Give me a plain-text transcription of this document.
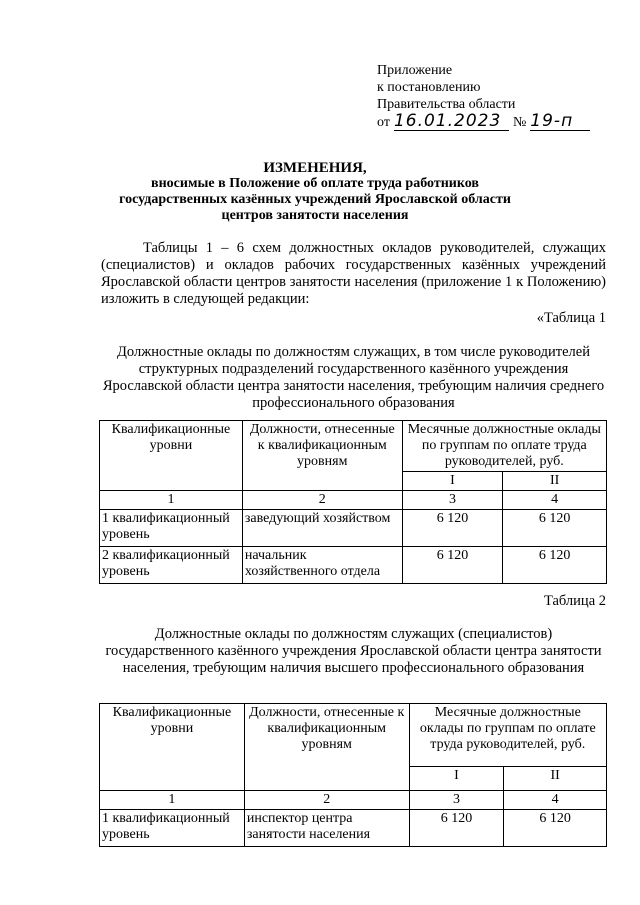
Приложение
к постановлению
Правительства области
от 16.01.2023 № 19-п
ИЗМЕНЕНИЯ,
вносимые в Положение об оплате труда работников
государственных казённых учреждений Ярославской области
центров занятости населения
Таблицы 1 – 6 схем должностных окладов руководителей, служащих (специалистов) и окладов рабочих государственных казённых учреждений Ярославской области центров занятости населения (приложение 1 к Положению) изложить в следующей редакции:
«Таблица 1
Должностные оклады по должностям служащих, в том числе руководителей структурных подразделений государственного казённого учреждения Ярославской области центра занятости населения, требующим наличия среднего профессионального образования
Квалификационные уровни	Должности, отнесенные к квалификационным уровням	Месячные должностные оклады по группам по оплате труда руководителей, руб.	
		I	II
1	2	3	4
1 квалификационный уровень	заведующий хозяйством	6 120	6 120
2 квалификационный уровень	начальник хозяйственного отдела	6 120	6 120
Таблица 2
Должностные оклады по должностям служащих (специалистов) государственного казённого учреждения Ярославской области центра занятости населения, требующим наличия высшего профессионального образования
Квалификационные уровни	Должности, отнесенные к квалификационным уровням	Месячные должностные оклады по группам по оплате труда руководителей, руб.	
		I	II
1	2	3	4
1 квалификационный уровень	инспектор центра занятости населения	6 120	6 120
